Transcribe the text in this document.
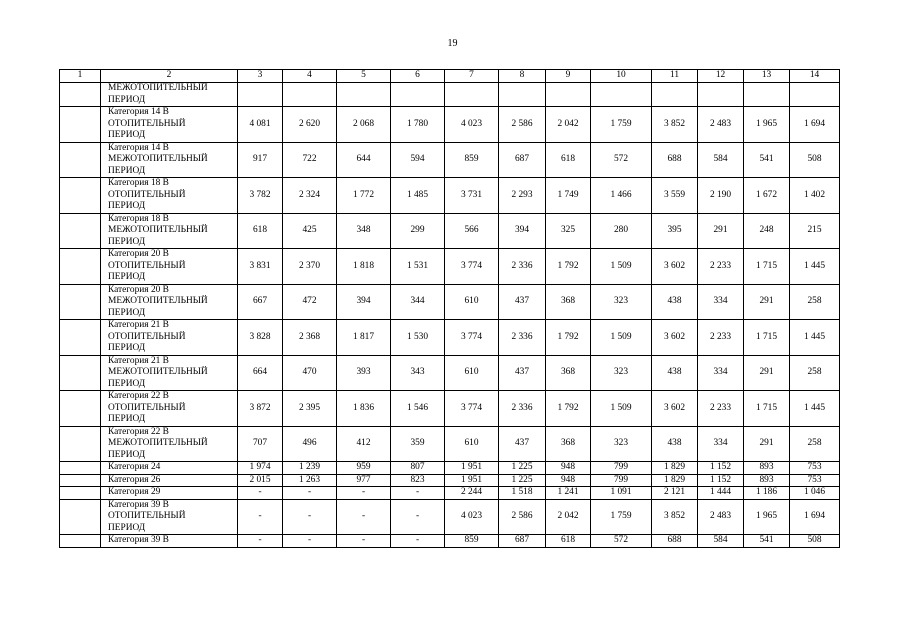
19
1	2	3	4	5	6	7	8	9	10	11	12	13	14

	МЕЖОТОПИТЕЛЬНЫЙ
ПЕРИОД												

	Категория 14 В
ОТОПИТЕЛЬНЫЙ
ПЕРИОД	4 081	2 620	2 068	1 780	4 023	2 586	2 042	1 759	3 852	2 483	1 965	1 694

	Категория 14 В
МЕЖОТОПИТЕЛЬНЫЙ
ПЕРИОД	917	722	644	594	859	687	618	572	688	584	541	508

	Категория 18 В
ОТОПИТЕЛЬНЫЙ
ПЕРИОД	3 782	2 324	1 772	1 485	3 731	2 293	1 749	1 466	3 559	2 190	1 672	1 402

	Категория 18 В
МЕЖОТОПИТЕЛЬНЫЙ
ПЕРИОД	618	425	348	299	566	394	325	280	395	291	248	215

	Категория 20 В
ОТОПИТЕЛЬНЫЙ
ПЕРИОД	3 831	2 370	1 818	1 531	3 774	2 336	1 792	1 509	3 602	2 233	1 715	1 445

	Категория 20 В
МЕЖОТОПИТЕЛЬНЫЙ
ПЕРИОД	667	472	394	344	610	437	368	323	438	334	291	258

	Категория 21 В
ОТОПИТЕЛЬНЫЙ
ПЕРИОД	3 828	2 368	1 817	1 530	3 774	2 336	1 792	1 509	3 602	2 233	1 715	1 445

	Категория 21 В
МЕЖОТОПИТЕЛЬНЫЙ
ПЕРИОД	664	470	393	343	610	437	368	323	438	334	291	258

	Категория 22 В
ОТОПИТЕЛЬНЫЙ
ПЕРИОД	3 872	2 395	1 836	1 546	3 774	2 336	1 792	1 509	3 602	2 233	1 715	1 445

	Категория 22 В
МЕЖОТОПИТЕЛЬНЫЙ
ПЕРИОД	707	496	412	359	610	437	368	323	438	334	291	258

	Категория 24	1 974	1 239	959	807	1 951	1 225	948	799	1 829	1 152	893	753

	Категория 26	2 015	1 263	977	823	1 951	1 225	948	799	1 829	1 152	893	753

	Категория 29	-	-	-	-	2 244	1 518	1 241	1 091	2 121	1 444	1 186	1 046

	Категория 39 В
ОТОПИТЕЛЬНЫЙ
ПЕРИОД	-	-	-	-	4 023	2 586	2 042	1 759	3 852	2 483	1 965	1 694

	Категория 39 В	-	-	-	-	859	687	618	572	688	584	541	508
